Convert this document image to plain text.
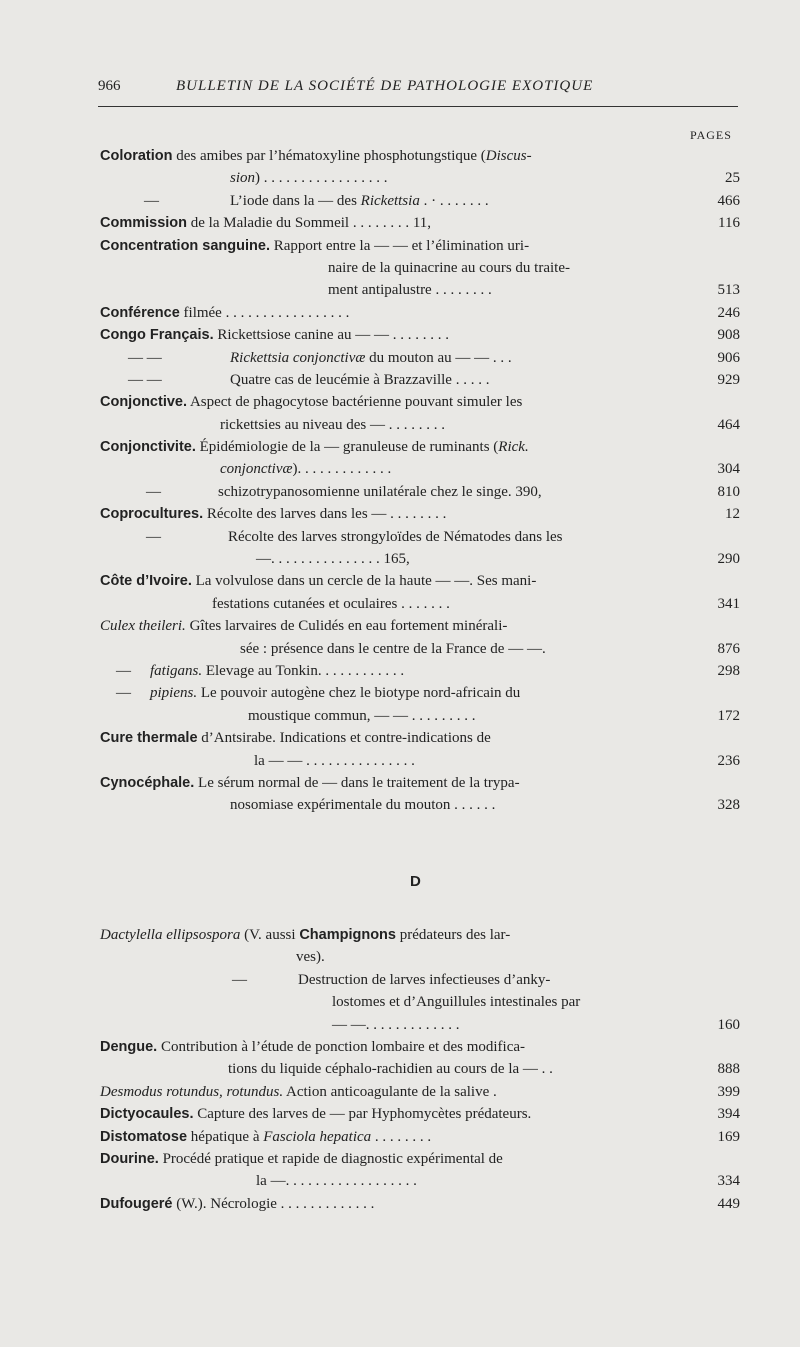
966	BULLETIN DE LA SOCIÉTÉ DE PATHOLOGIE EXOTIQUE
PAGES
Coloration des amibes par l’hématoxyline phosphotungstique (Discus-
sion) . . . . . . . . . . . . . . . . .	25
—	L’iode dans la — des Rickettsia . · . . . . . . .	466
Commission de la Maladie du Sommeil . . . . . . . . 11,	116
Concentration sanguine. Rapport entre la — — et l’élimination uri-
naire de la quinacrine au cours du traite-
ment antipalustre . . . . . . . .	513
Conférence filmée . . . . . . . . . . . . . . . . .	246
Congo Français. Rickettsiose canine au — — . . . . . . . .	908
— —	Rickettsia conjonctivæ du mouton au — — . . .	906
— —	Quatre cas de leucémie à Brazzaville . . . . .	929
Conjonctive. Aspect de phagocytose bactérienne pouvant simuler les
rickettsies au niveau des — . . . . . . . .	464
Conjonctivite. Épidémiologie de la — granuleuse de ruminants (Rick.
conjonctivæ). . . . . . . . . . . . .	304
—	schizotrypanosomienne unilatérale chez le singe. 390,	810
Coprocultures. Récolte des larves dans les — . . . . . . . .	12
—	Récolte des larves strongyloïdes de Nématodes dans les
—. . . . . . . . . . . . . . . 165,	290
Côte d’Ivoire. La volvulose dans un cercle de la haute — —. Ses mani-
festations cutanées et oculaires . . . . . . .	341
Culex theileri. Gîtes larvaires de Culidés en eau fortement minérali-
sée : présence dans le centre de la France de — —.	876
— fatigans. Elevage au Tonkin. . . . . . . . . . . .	298
— pipiens. Le pouvoir autogène chez le biotype nord-africain du
moustique commun, — — . . . . . . . . .	172
Cure thermale d’Antsirabe. Indications et contre-indications de
la — — . . . . . . . . . . . . . . .	236
Cynocéphale. Le sérum normal de — dans le traitement de la trypa-
nosomiase expérimentale du mouton . . . . . .	328
D
Dactylella ellipsospora (V. aussi Champignons prédateurs des lar-
ves).
—	Destruction de larves infectieuses d’anky-
lostomes et d’Anguillules intestinales par
— —. . . . . . . . . . . . .	160
Dengue. Contribution à l’étude de ponction lombaire et des modifica-
tions du liquide céphalo-rachidien au cours de la — . .	888
Desmodus rotundus, rotundus. Action anticoagulante de la salive .	399
Dictyocaules. Capture des larves de — par Hyphomycètes prédateurs.	394
Distomatose hépatique à Fasciola hepatica . . . . . . . .	169
Dourine. Procédé pratique et rapide de diagnostic expérimental de
la —. . . . . . . . . . . . . . . . . .	334
Dufougeré (W.). Nécrologie . . . . . . . . . . . . .	449
